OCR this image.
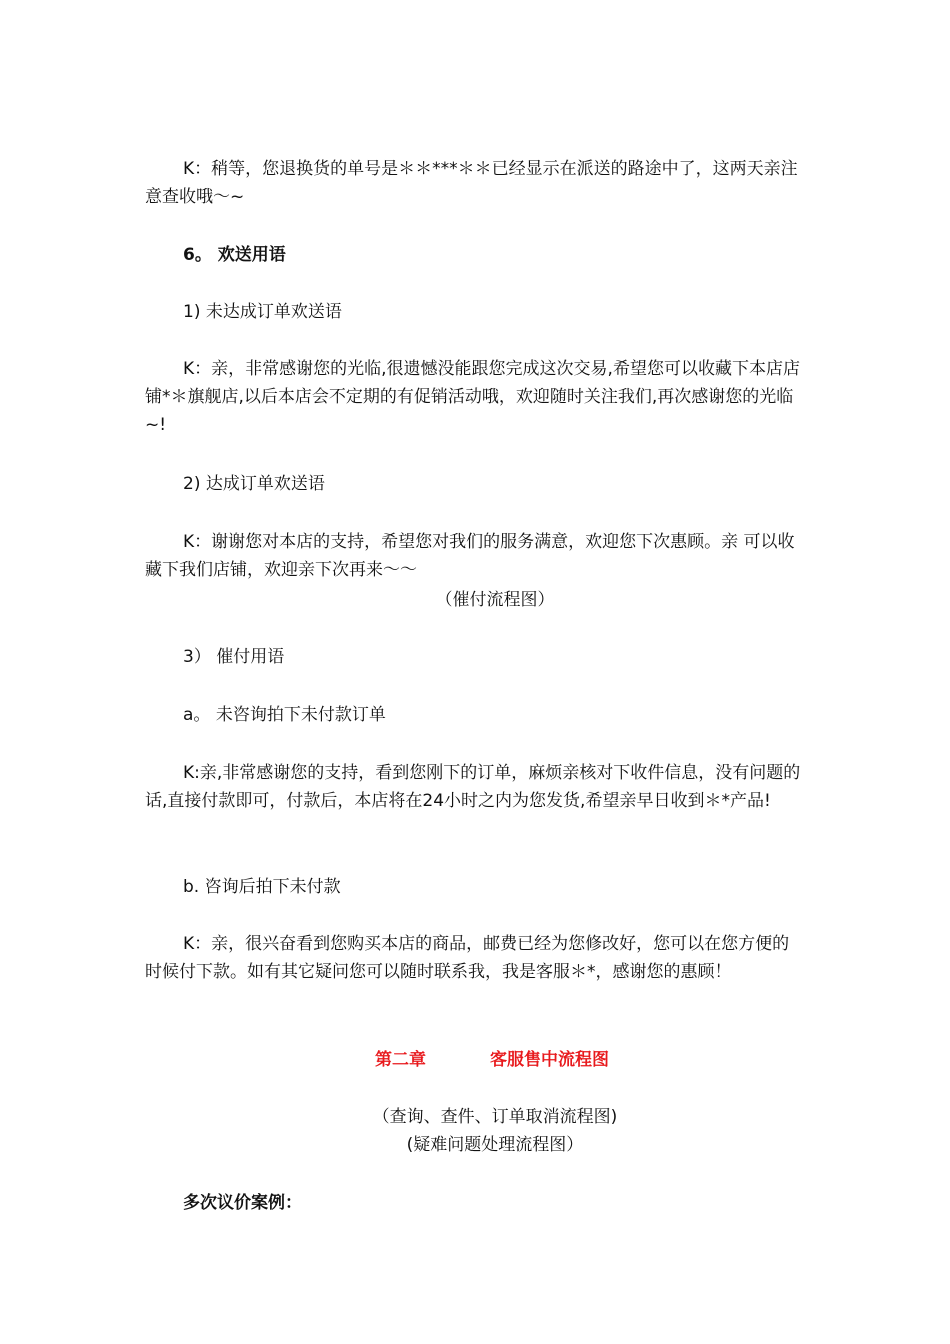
K：稍等，您退换货的单号是＊＊***＊＊已经显示在派送的路途中了，这两天亲注意查收哦～~

6。 欢送用语

1) 未达成订单欢送语

K：亲，非常感谢您的光临,很遗憾没能跟您完成这次交易,希望您可以收藏下本店店铺*＊旗舰店,以后本店会不定期的有促销活动哦，欢迎随时关注我们,再次感谢您的光临~!

2) 达成订单欢送语

K：谢谢您对本店的支持，希望您对我们的服务满意，欢迎您下次惠顾。亲 可以收藏下我们店铺，欢迎亲下次再来～～

（催付流程图）

3） 催付用语

a。 未咨询拍下未付款订单

K:亲,非常感谢您的支持，看到您刚下的订单，麻烦亲核对下收件信息，没有问题的话,直接付款即可，付款后，本店将在24小时之内为您发货,希望亲早日收到＊*产品!

b. 咨询后拍下未付款

K：亲，很兴奋看到您购买本店的商品，邮费已经为您修改好，您可以在您方便的时候付下款。如有其它疑问您可以随时联系我，我是客服＊*，感谢您的惠顾！

第二章	客服售中流程图

（查询、查件、订单取消流程图)

(疑难问题处理流程图）

多次议价案例：
